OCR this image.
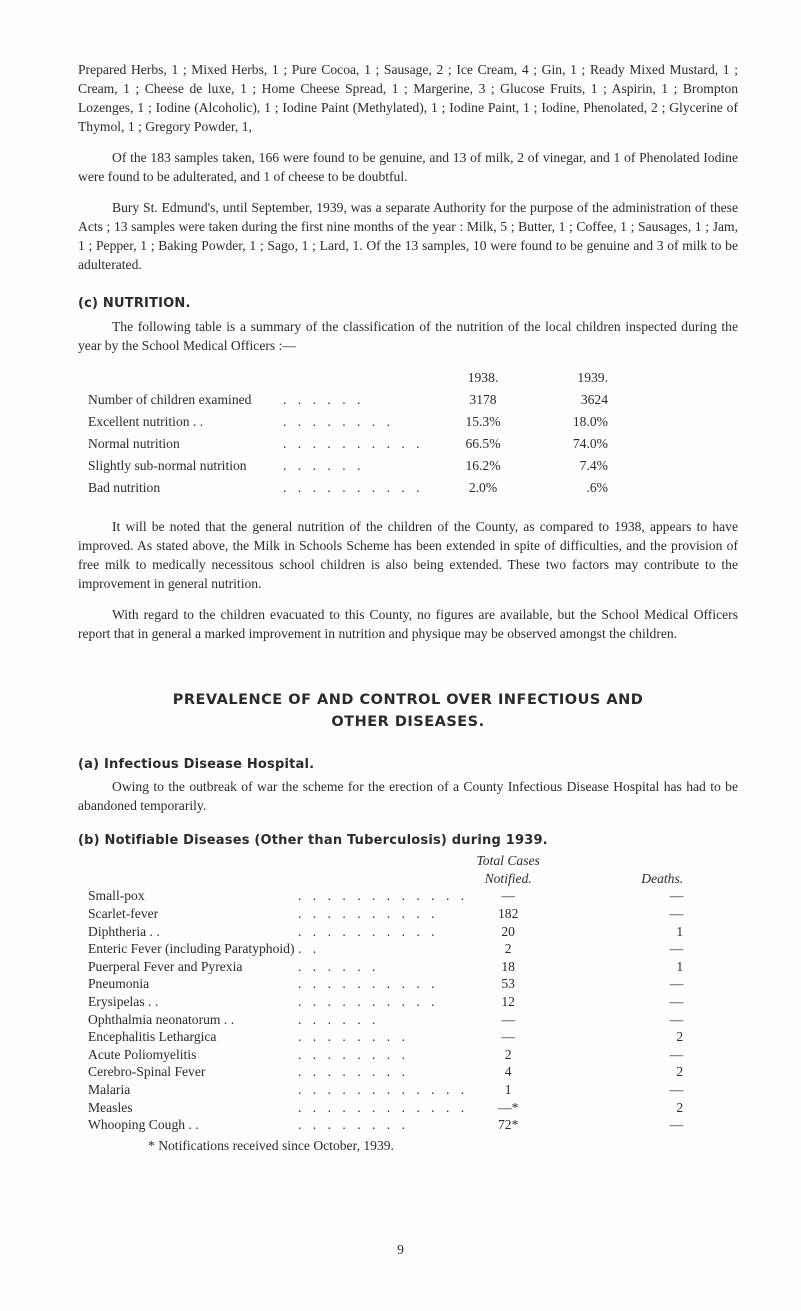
Prepared Herbs, 1 ; Mixed Herbs, 1 ; Pure Cocoa, 1 ; Sausage, 2 ; Ice Cream, 4 ; Gin, 1 ; Ready Mixed Mustard, 1 ; Cream, 1 ; Cheese de luxe, 1 ; Home Cheese Spread, 1 ; Margerine, 3 ; Glucose Fruits, 1 ; Aspirin, 1 ; Brompton Lozenges, 1 ; Iodine (Alcoholic), 1 ; Iodine Paint (Methylated), 1 ; Iodine Paint, 1 ; Iodine, Phenolated, 2 ; Glycerine of Thymol, 1 ; Gregory Powder, 1,

Of the 183 samples taken, 166 were found to be genuine, and 13 of milk, 2 of vinegar, and 1 of Phenolated Iodine were found to be adulterated, and 1 of cheese to be doubtful.

Bury St. Edmund's, until September, 1939, was a separate Authority for the purpose of the administration of these Acts ; 13 samples were taken during the first nine months of the year : Milk, 5 ; Butter, 1 ; Coffee, 1 ; Sausages, 1 ; Jam, 1 ; Pepper, 1 ; Baking Powder, 1 ; Sago, 1 ; Lard, 1. Of the 13 samples, 10 were found to be genuine and 3 of milk to be adulterated.

(c) NUTRITION.

The following table is a summary of the classification of the nutrition of the local children inspected during the year by the School Medical Officers :—

		1938.	1939.
Number of children examined	. . . . . .	3178	3624
Excellent nutrition . .	. . . . . . . .	15.3%	18.0%
Normal nutrition	. . . . . . . . . .	66.5%	74.0%
Slightly sub-normal nutrition	. . . . . .	16.2%	7.4%
Bad nutrition	. . . . . . . . . .	2.0%	.6%

It will be noted that the general nutrition of the children of the County, as compared to 1938, appears to have improved. As stated above, the Milk in Schools Scheme has been extended in spite of difficulties, and the provision of free milk to medically necessitous school children is also being extended. These two factors may contribute to the improvement in general nutrition.

With regard to the children evacuated to this County, no figures are available, but the School Medical Officers report that in general a marked improvement in nutrition and physique may be observed amongst the children.

PREVALENCE OF AND CONTROL OVER INFECTIOUS AND
OTHER DISEASES.
(a) Infectious Disease Hospital.

Owing to the outbreak of war the scheme for the erection of a County Infectious Disease Hospital has had to be abandoned temporarily.

(b) Notifiable Diseases (Other than Tuberculosis) during 1939.
		Total Cases	
		Notified.	Deaths.
Small-pox	. . . . . . . . . . . .	—	—
Scarlet-fever	. . . . . . . . . .	182	—
Diphtheria . .	. . . . . . . . . .	20	1
Enteric Fever (including Paratyphoid)	. .	2	—
Puerperal Fever and Pyrexia	. . . . . .	18	1
Pneumonia	. . . . . . . . . .	53	—
Erysipelas . .	. . . . . . . . . .	12	—
Ophthalmia neonatorum . .	. . . . . .	—	—
Encephalitis Lethargica	. . . . . . . .	—	2
Acute Poliomyelitis	. . . . . . . .	2	—
Cerebro-Spinal Fever	. . . . . . . .	4	2
Malaria	. . . . . . . . . . . .	1	—
Measles	. . . . . . . . . . . .	—*	2
Whooping Cough . .	. . . . . . . .	72*	—
* Notifications received since October, 1939.
9
